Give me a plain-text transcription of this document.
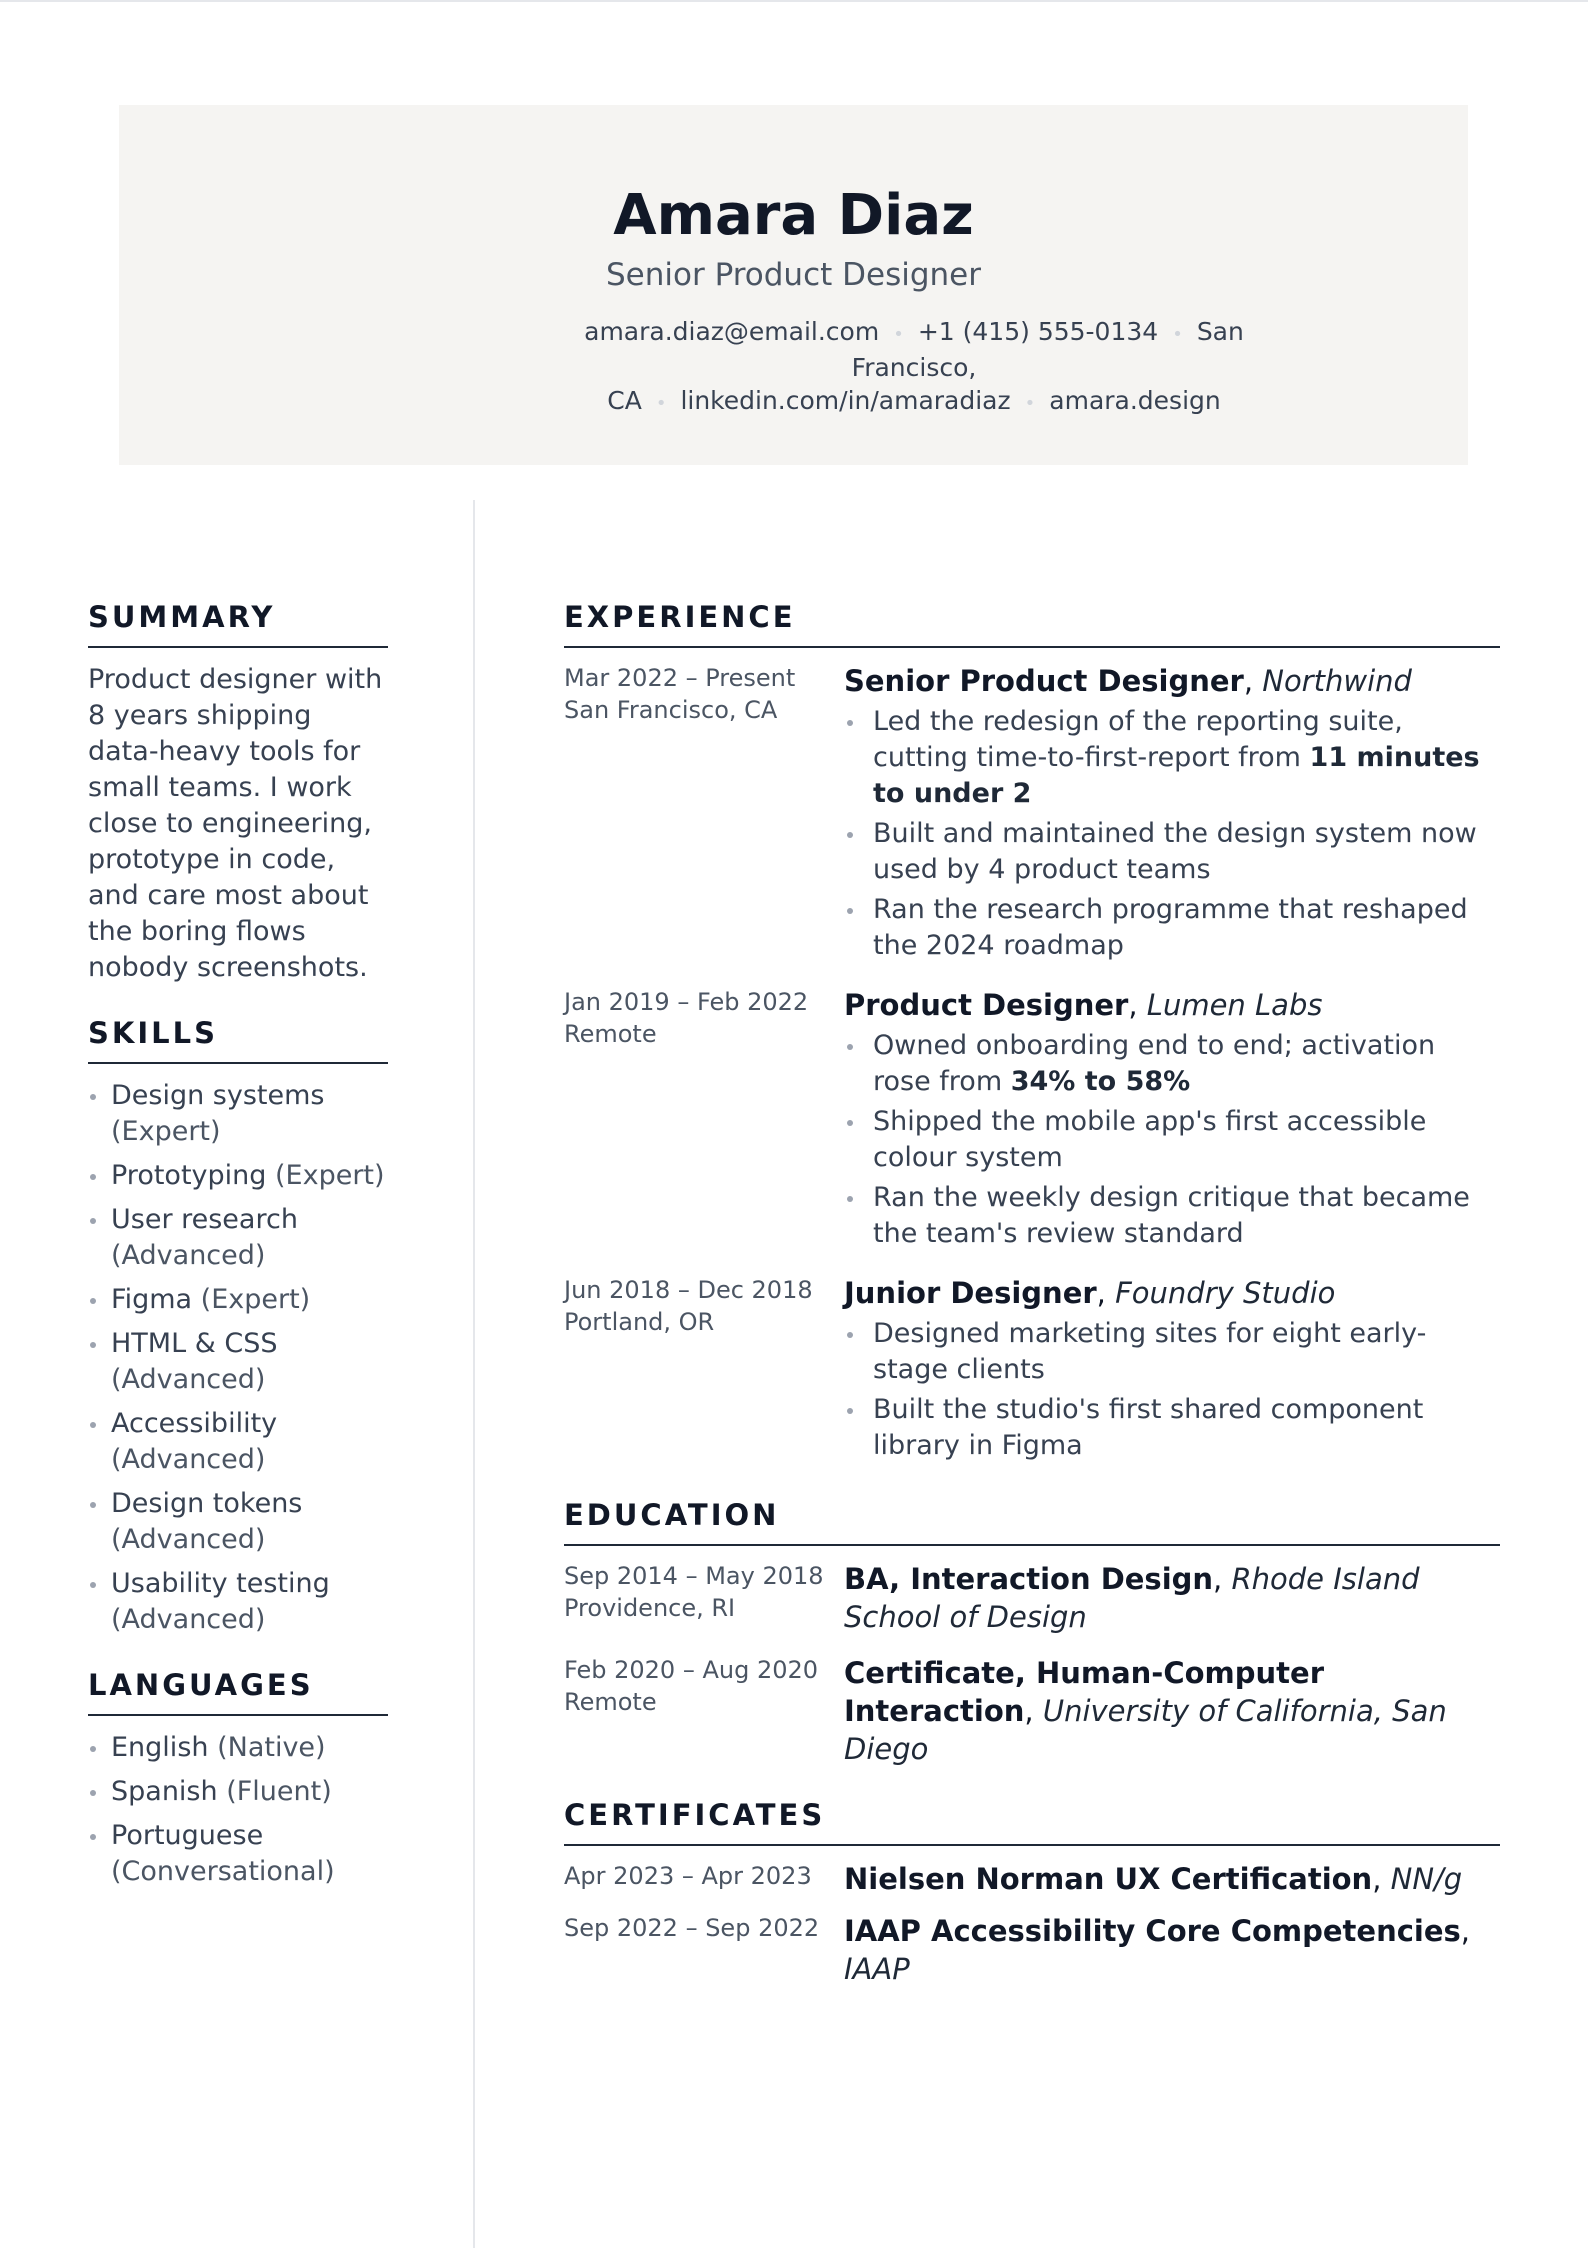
Amara Diaz
Senior Product Designer
amara.diaz@email.com • +1 (415) 555-0134 • San Francisco,
CA • linkedin.com/in/amaradiaz • amara.design
SUMMARY
Product designer with 8 years shipping data-heavy tools for small teams. I work close to engineering, prototype in code, and care most about the boring flows nobody screenshots.
SKILLS
Design systems (Expert)
Prototyping (Expert)
User research (Advanced)
Figma (Expert)
HTML & CSS (Advanced)
Accessibility (Advanced)
Design tokens (Advanced)
Usability testing (Advanced)
LANGUAGES
English (Native)
Spanish (Fluent)
Portuguese (Conversational)
EXPERIENCE
Mar 2022 – Present
San Francisco, CA
Senior Product Designer, Northwind
Led the redesign of the reporting suite, cutting time-to-first-report from 11 minutes to under 2
Built and maintained the design system now used by 4 product teams
Ran the research programme that reshaped the 2024 roadmap
Jan 2019 – Feb 2022
Remote
Product Designer, Lumen Labs
Owned onboarding end to end; activation rose from 34% to 58%
Shipped the mobile app's first accessible colour system
Ran the weekly design critique that became the team's review standard
Jun 2018 – Dec 2018
Portland, OR
Junior Designer, Foundry Studio
Designed marketing sites for eight early-stage clients
Built the studio's first shared component library in Figma
EDUCATION
Sep 2014 – May 2018
Providence, RI
BA, Interaction Design, Rhode Island School of Design
Feb 2020 – Aug 2020
Remote
Certificate, Human-Computer Interaction, University of California, San Diego
CERTIFICATES
Apr 2023 – Apr 2023	Nielsen Norman UX Certification, NN/g
Sep 2022 – Sep 2022 IAAP Accessibility Core Competencies, IAAP
